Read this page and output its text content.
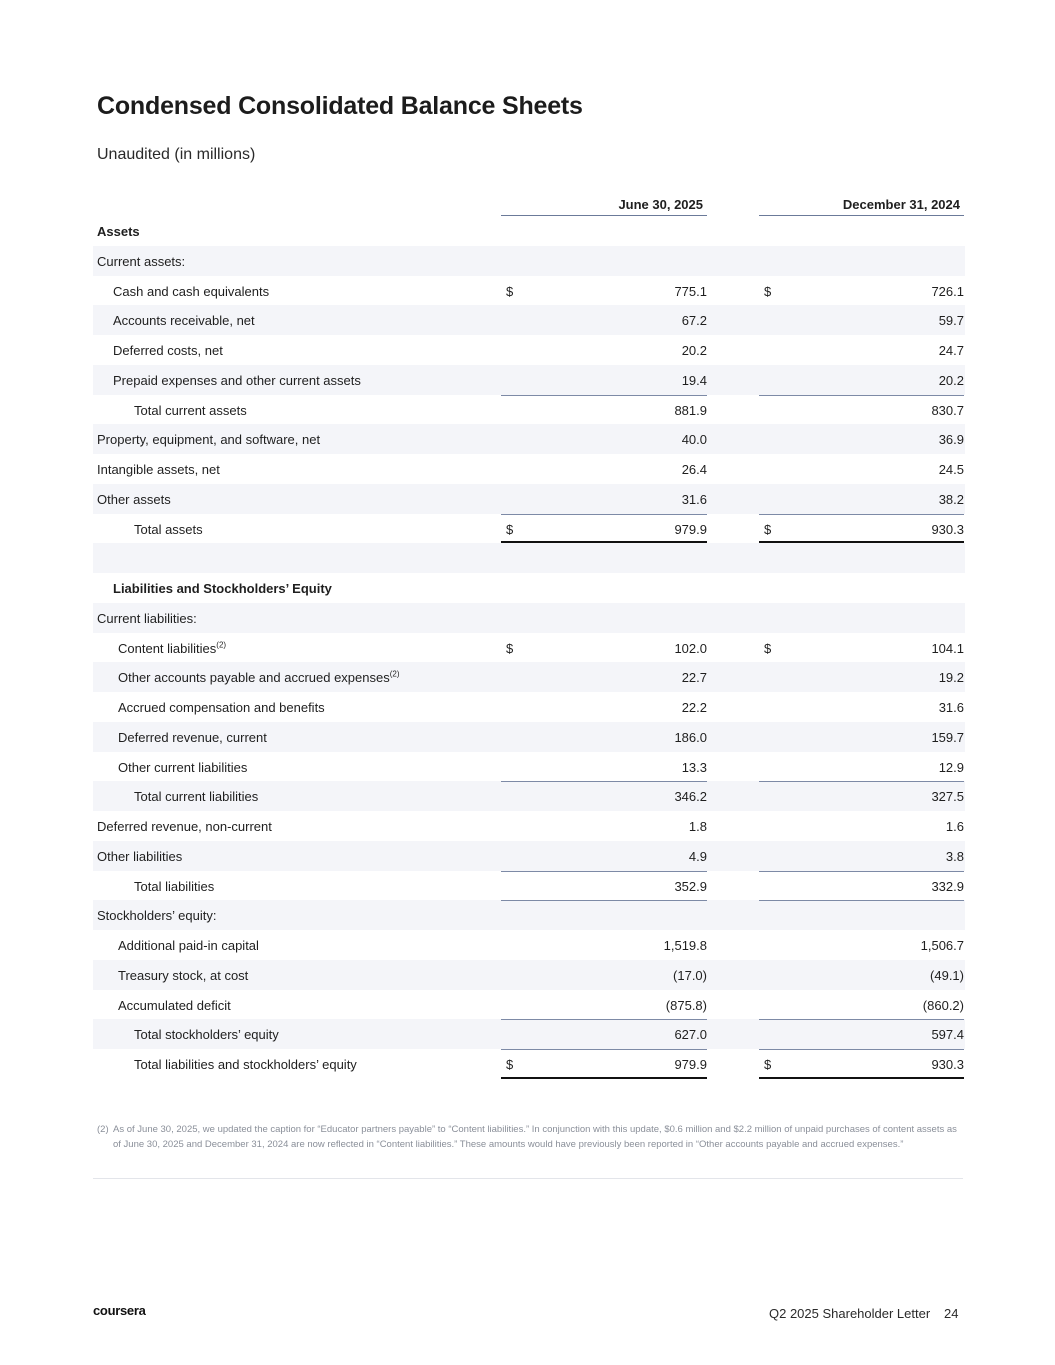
Condensed Consolidated Balance Sheets
Unaudited (in millions)
June 30, 2025	December 31, 2024
Assets
Current assets:
Cash and cash equivalents	$	775.1	$	726.1
Accounts receivable, net	67.2	59.7
Deferred costs, net	20.2	24.7
Prepaid expenses and other current assets	19.4	20.2
Total current assets	881.9	830.7
Property, equipment, and software, net	40.0	36.9
Intangible assets, net	26.4	24.5
Other assets	31.6	38.2
Total assets	$	979.9	$	930.3
Liabilities and Stockholders’ Equity
Current liabilities:
Content liabilities$^{(2)}$	$	102.0	$	104.1
Other accounts payable and accrued expenses$^{(2)}$	22.7	19.2
Accrued compensation and benefits	22.2	31.6
Deferred revenue, current	186.0	159.7
Other current liabilities	13.3	12.9
Total current liabilities	346.2	327.5
Deferred revenue, non-current	1.8	1.6
Other liabilities	4.9	3.8
Total liabilities	352.9	332.9
Stockholders’ equity:
Additional paid-in capital	1,519.8	1,506.7
Treasury stock, at cost	(17.0)	(49.1)
Accumulated deficit	(875.8)	(860.2)
Total stockholders’ equity	627.0	597.4
Total liabilities and stockholders’ equity	$	979.9	$	930.3
(2) As of June 30, 2025, we updated the caption for “Educator partners payable” to “Content liabilities.” In conjunction with this update, $0.6 million and $2.2 million of unpaid purchases of content assets as of June 30, 2025 and December 31, 2024 are now reflected in “Content liabilities.” These amounts would have previously been reported in “Other accounts payable and accrued expenses.”
coursera	Q2 2025 Shareholder Letter 24
